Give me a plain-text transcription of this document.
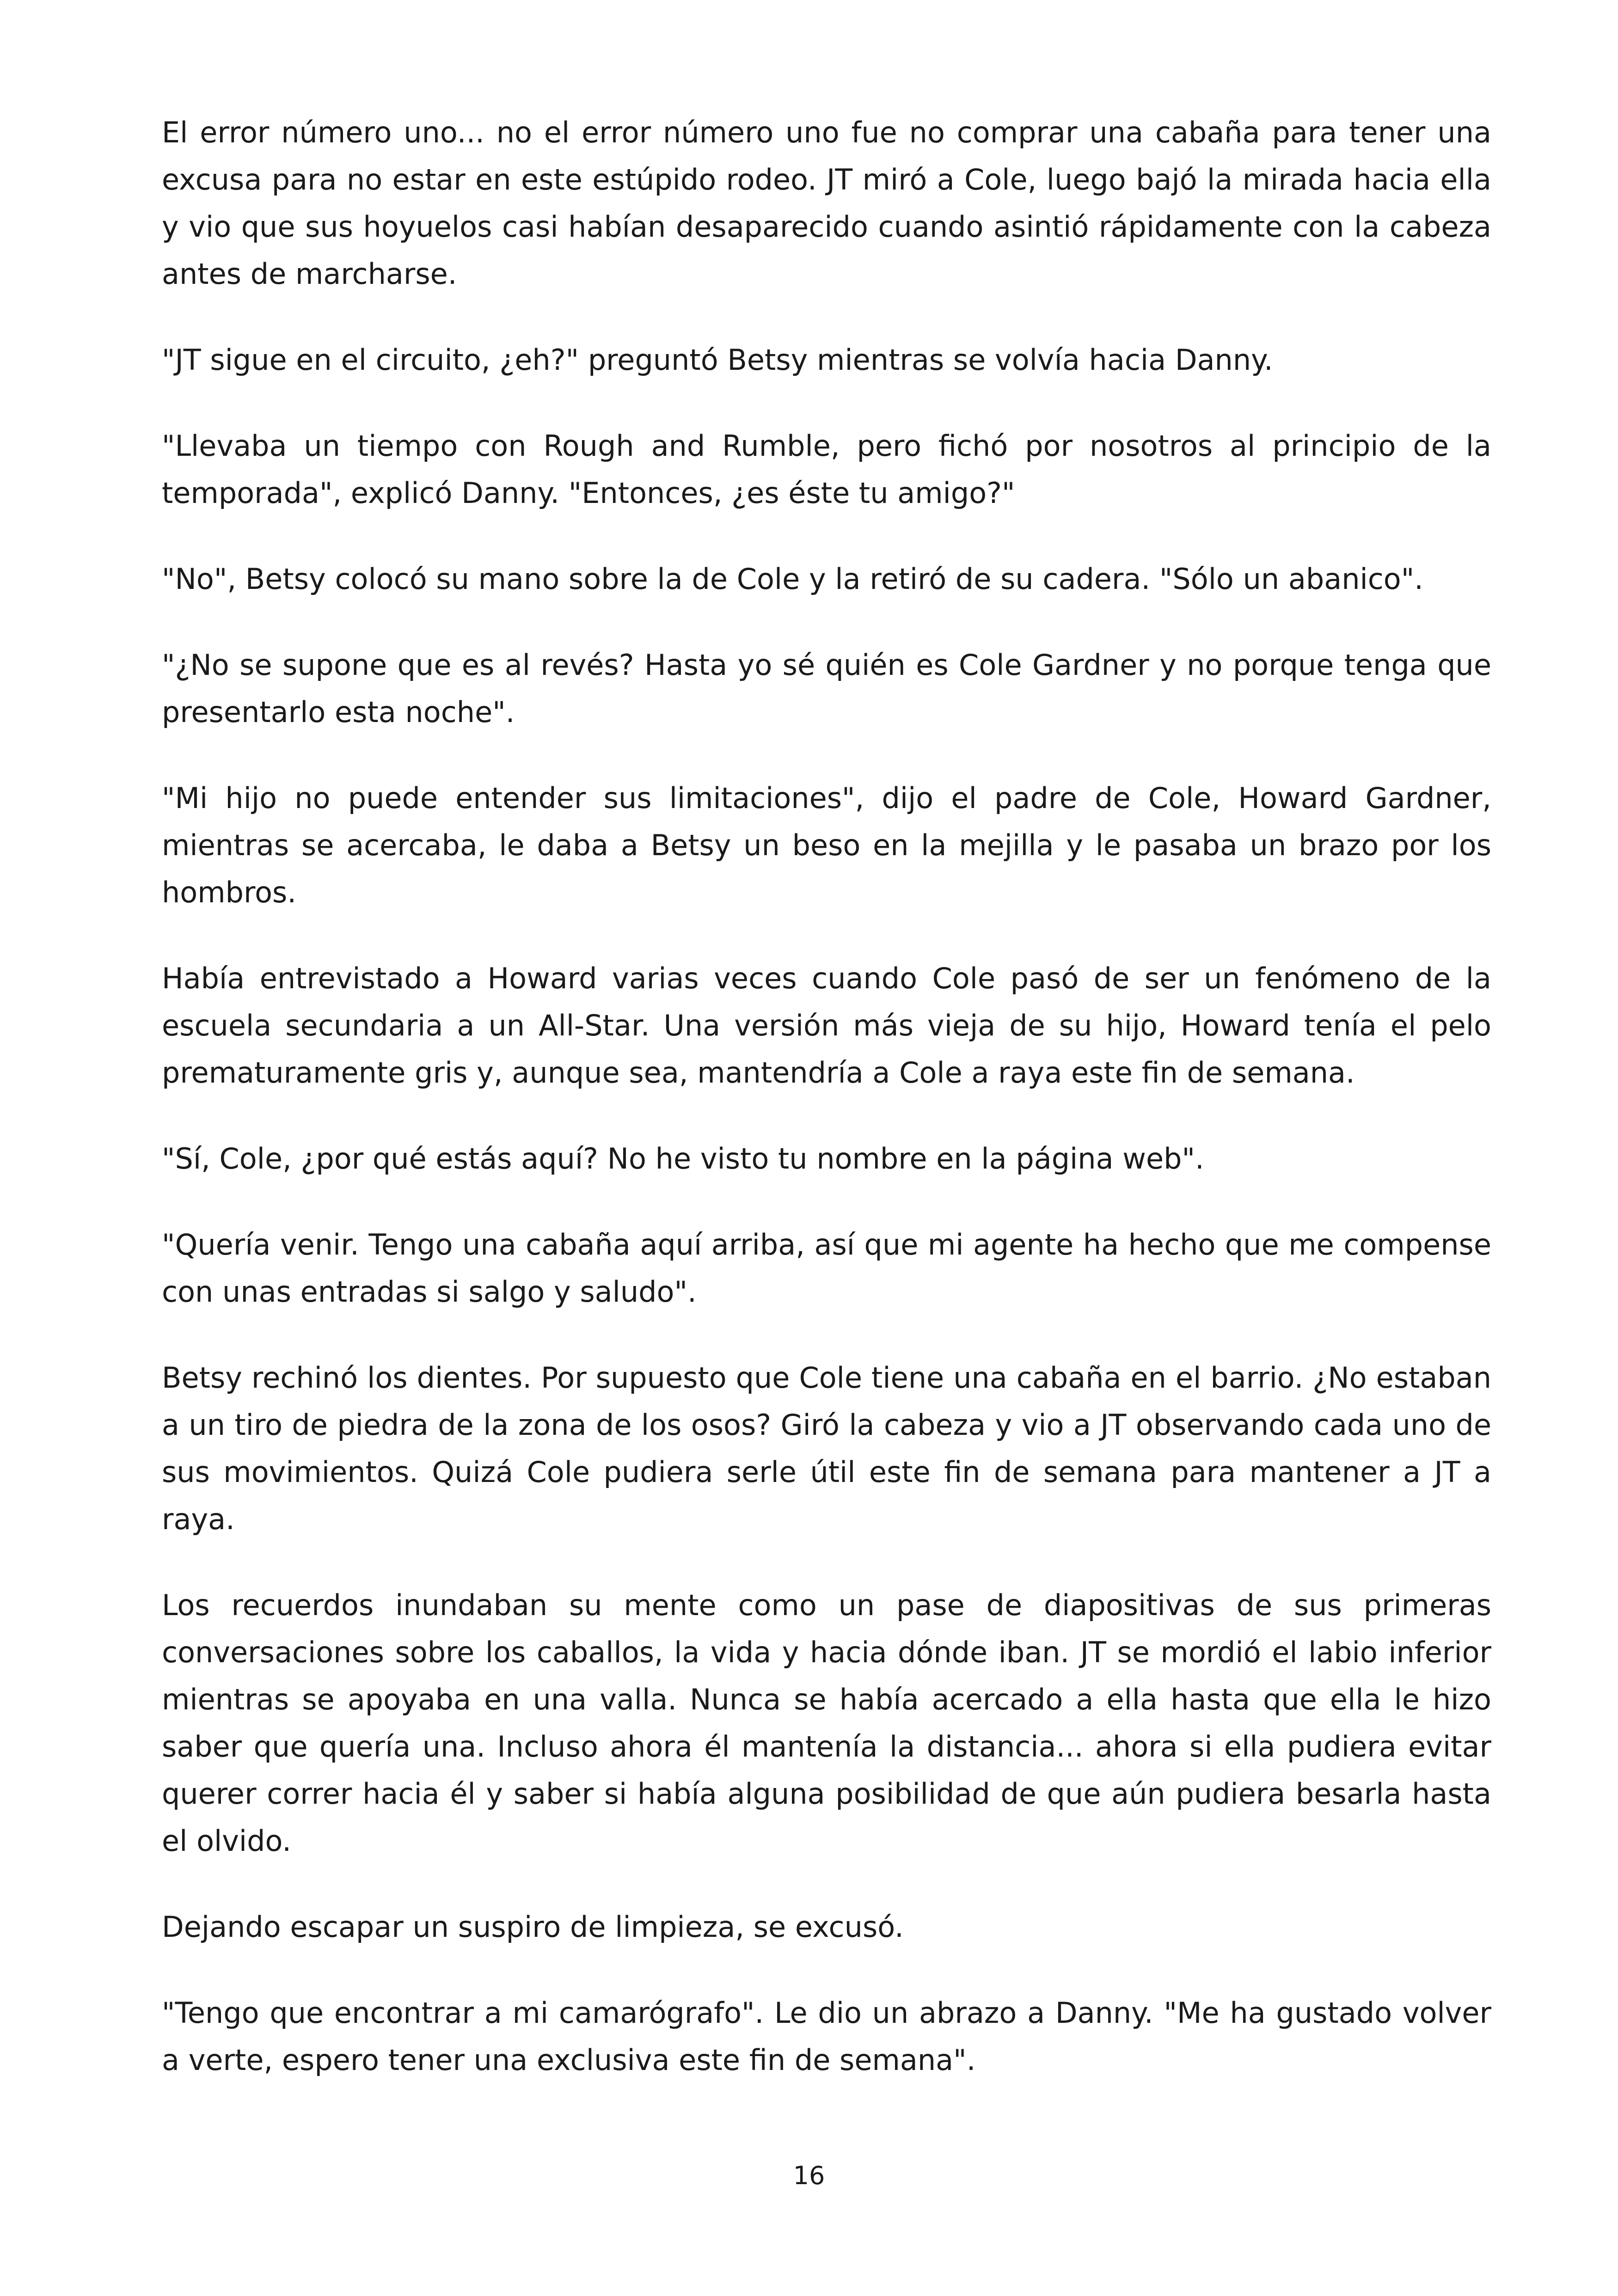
El error número uno... no el error número uno fue no comprar una cabaña para tener una excusa para no estar en este estúpido rodeo. JT miró a Cole, luego bajó la mirada hacia ella y vio que sus hoyuelos casi habían desaparecido cuando asintió rápidamente con la cabeza antes de marcharse.

"JT sigue en el circuito, ¿eh?" preguntó Betsy mientras se volvía hacia Danny.

"Llevaba un tiempo con Rough and Rumble, pero fichó por nosotros al principio de la temporada", explicó Danny. "Entonces, ¿es éste tu amigo?"

"No", Betsy colocó su mano sobre la de Cole y la retiró de su cadera. "Sólo un abanico".

"¿No se supone que es al revés? Hasta yo sé quién es Cole Gardner y no porque tenga que presentarlo esta noche".

"Mi hijo no puede entender sus limitaciones", dijo el padre de Cole, Howard Gardner, mientras se acercaba, le daba a Betsy un beso en la mejilla y le pasaba un brazo por los hombros.

Había entrevistado a Howard varias veces cuando Cole pasó de ser un fenómeno de la escuela secundaria a un All-Star. Una versión más vieja de su hijo, Howard tenía el pelo prematuramente gris y, aunque sea, mantendría a Cole a raya este fin de semana.

"Sí, Cole, ¿por qué estás aquí? No he visto tu nombre en la página web".

"Quería venir. Tengo una cabaña aquí arriba, así que mi agente ha hecho que me compense con unas entradas si salgo y saludo".

Betsy rechinó los dientes. Por supuesto que Cole tiene una cabaña en el barrio. ¿No estaban a un tiro de piedra de la zona de los osos? Giró la cabeza y vio a JT observando cada uno de sus movimientos. Quizá Cole pudiera serle útil este fin de semana para mantener a JT a raya.

Los recuerdos inundaban su mente como un pase de diapositivas de sus primeras conversaciones sobre los caballos, la vida y hacia dónde iban. JT se mordió el labio inferior mientras se apoyaba en una valla. Nunca se había acercado a ella hasta que ella le hizo saber que quería una. Incluso ahora él mantenía la distancia... ahora si ella pudiera evitar querer correr hacia él y saber si había alguna posibilidad de que aún pudiera besarla hasta el olvido.

Dejando escapar un suspiro de limpieza, se excusó.

"Tengo que encontrar a mi camarógrafo". Le dio un abrazo a Danny. "Me ha gustado volver a verte, espero tener una exclusiva este fin de semana".

16
